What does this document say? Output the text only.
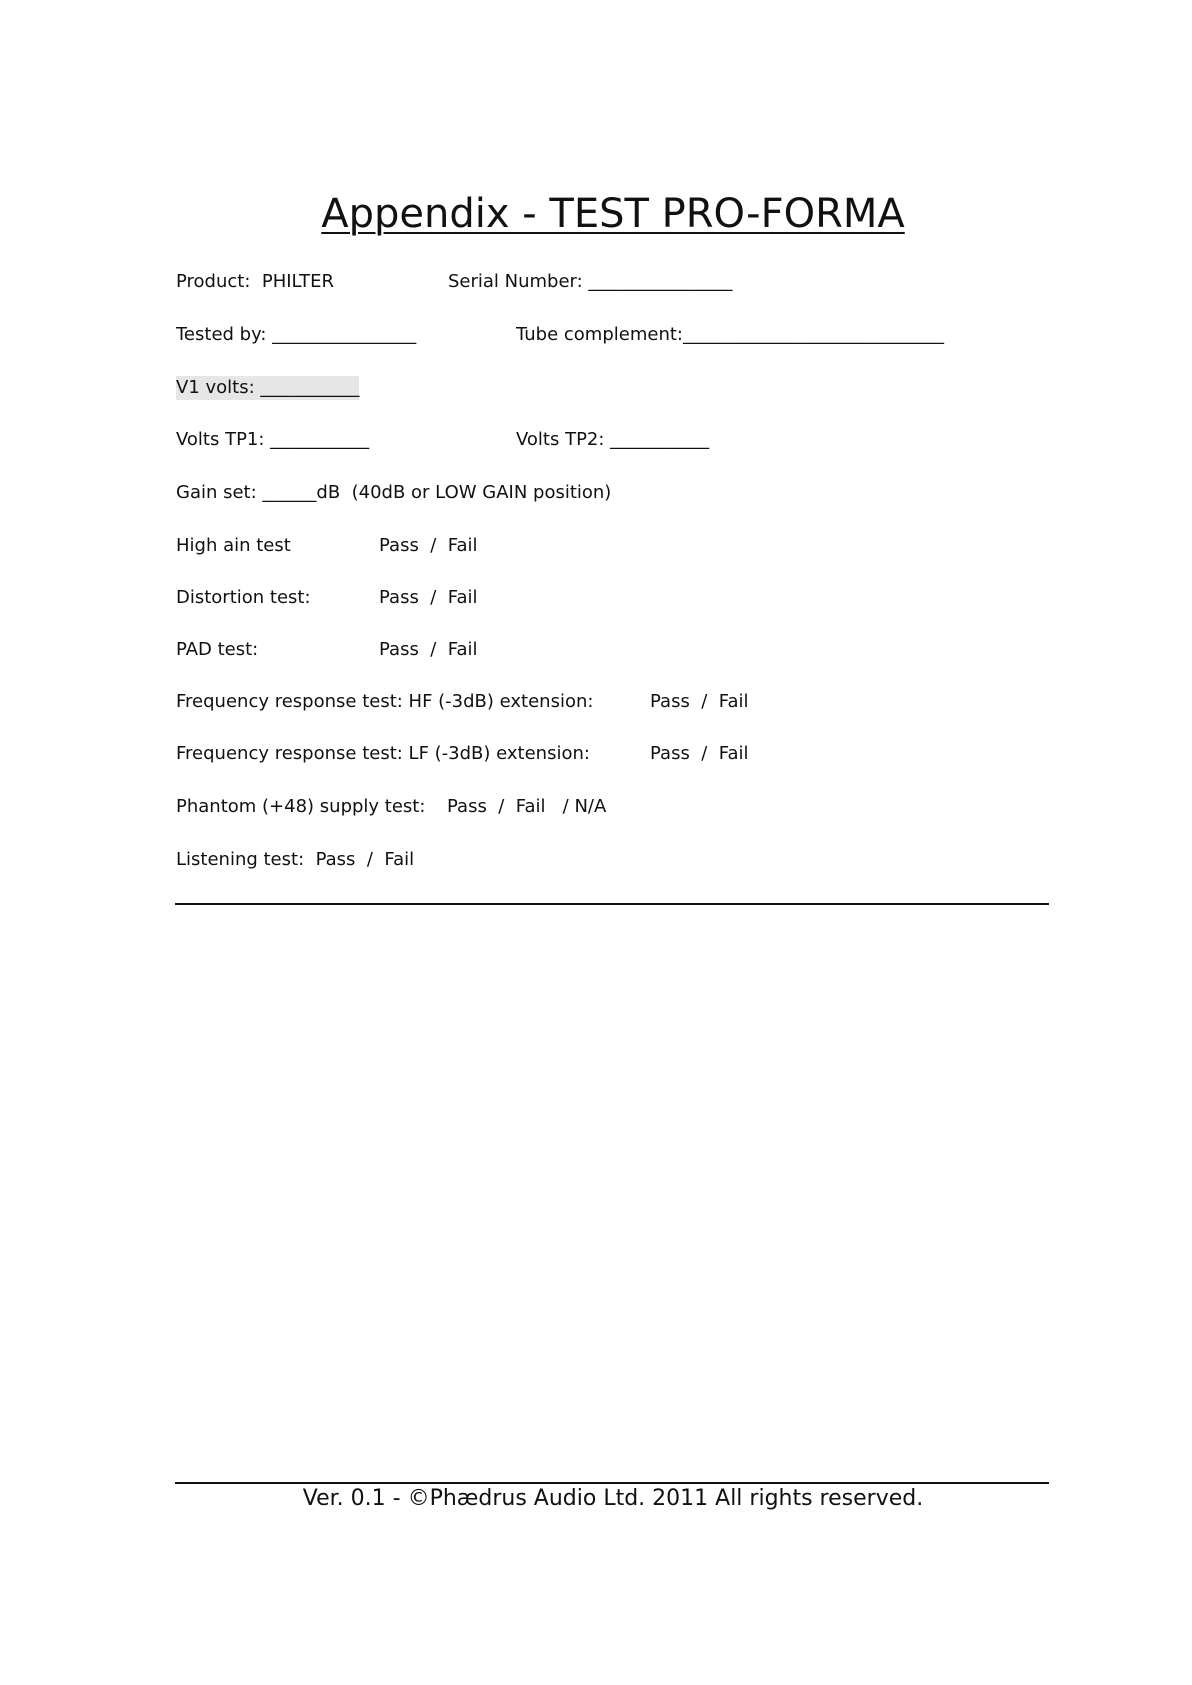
Appendix - TEST PRO-FORMA
Product:  PHILTER	Serial Number: ________________
Tested by: ________________	Tube complement:_____________________________
V1 volts: ___________
Volts TP1: ___________	Volts TP2: ___________
Gain set: ______dB  (40dB or LOW GAIN position)
High ain test	Pass  /  Fail
Distortion test:	Pass  /  Fail
PAD test:	Pass  /  Fail
Frequency response test: HF (-3dB) extension:	Pass  /  Fail
Frequency response test: LF (-3dB) extension:	Pass  /  Fail
Phantom (+48) supply test: Pass  /  Fail   / N/A
Listening test:  Pass  /  Fail
Ver. 0.1 - ©Phædrus Audio Ltd. 2011 All rights reserved.
